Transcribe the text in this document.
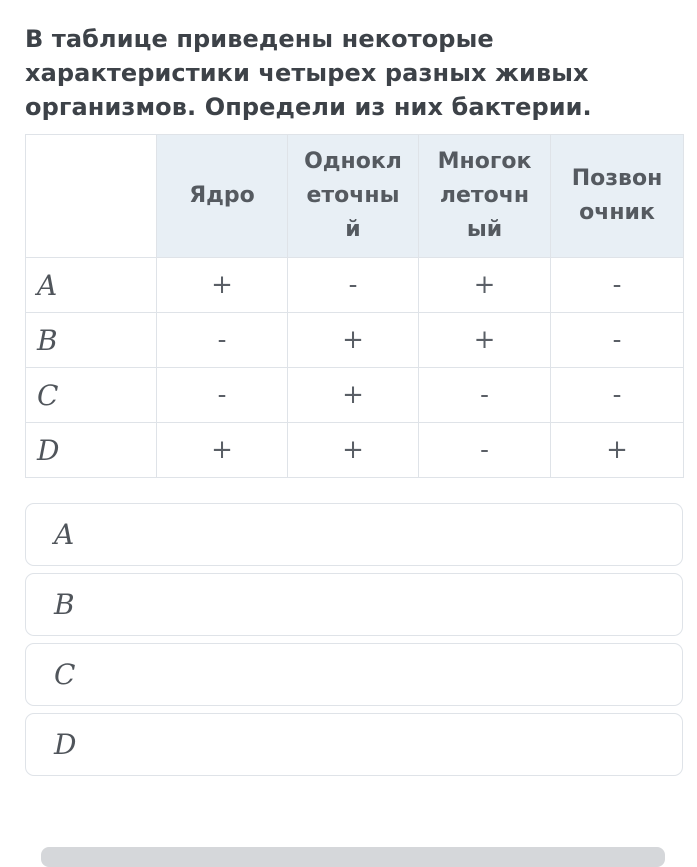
В таблице приведены некоторые
характеристики четырех разных живых
организмов. Определи из них бактерии.

	Ядро	Однокл
еточны
й	Многок
леточн
ый	Позвон
очник

A	+	-	+	-
B	-	+	+	-
C	-	+	-	-
D	+	+	-	+
A
B
C
D
